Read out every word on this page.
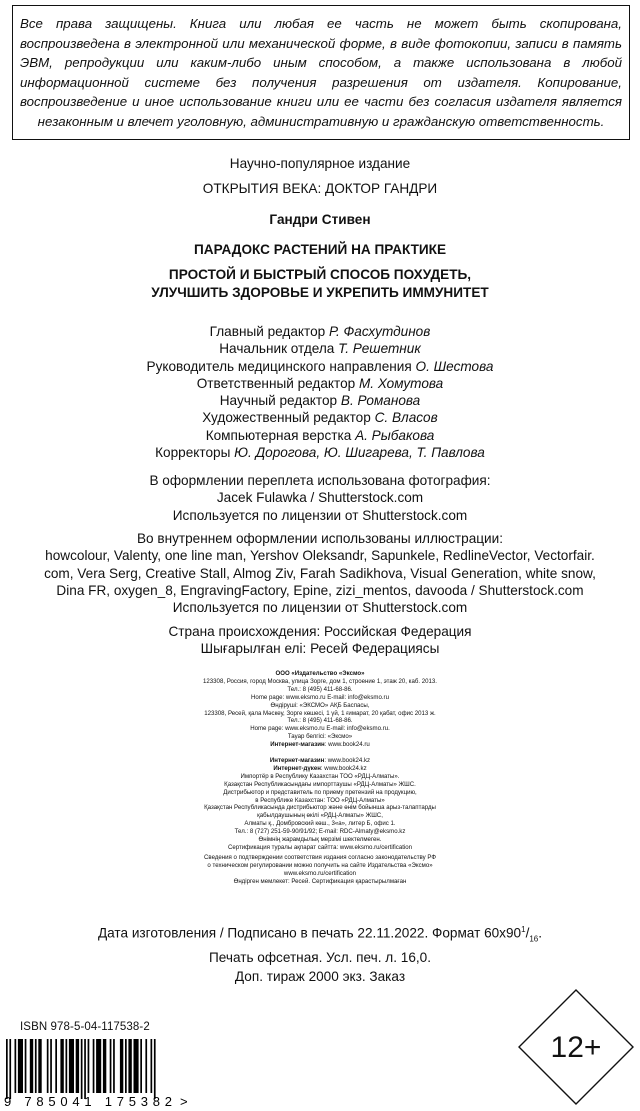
Все права защищены. Книга или любая ее часть не может быть скопирована, воспроизведена в электронной или механической форме, в виде фотокопии, записи в память ЭВМ, репродукции или каким-либо иным способом, а также использована в любой информационной системе без получения разрешения от издателя. Копирование, воспроизведение и иное использование книги или ее части без согласия издателя является незаконным и влечет уголовную, административную и гражданскую ответственность.
Научно-популярное издание
ОТКРЫТИЯ ВЕКА: ДОКТОР ГАНДРИ
Гандри Стивен
ПАРАДОКС РАСТЕНИЙ НА ПРАКТИКЕ
ПРОСТОЙ И БЫСТРЫЙ СПОСОБ ПОХУДЕТЬ,
УЛУЧШИТЬ ЗДОРОВЬЕ И УКРЕПИТЬ ИММУНИТЕТ
Главный редактор Р. Фасхутдинов
Начальник отдела Т. Решетник
Руководитель медицинского направления О. Шестова
Ответственный редактор М. Хомутова
Научный редактор В. Романова
Художественный редактор С. Власов
Компьютерная верстка А. Рыбакова
Корректоры Ю. Дорогова, Ю. Шигарева, Т. Павлова
В оформлении переплета использована фотография:
Jacek Fulawka / Shutterstock.com
Используется по лицензии от Shutterstock.com
Во внутреннем оформлении использованы иллюстрации:
howcolour, Valenty, one line man, Yershov Oleksandr, Sapunkele, RedlineVector, Vectorfair.
com, Vera Serg, Creative Stall, Almog Ziv, Farah Sadikhova, Visual Generation, white snow,
Dina FR, oxygen_8, EngravingFactory, Epine, zizi_mentos, davooda / Shutterstock.com
Используется по лицензии от Shutterstock.com
Страна происхождения: Российская Федерация
Шығарылған елі: Ресей Федерациясы
ООО «Издательство «Эксмо»
123308, Россия, город Москва, улица Зорге, дом 1, строение 1, этаж 20, каб. 2013.
Тел.: 8 (495) 411-68-86.
Home page: www.eksmo.ru E-mail: info@eksmo.ru
Өндіруші: «ЭКСМО» АҚБ Баспасы,
123308, Ресей, қала Мәскеу, Зорге көшесі, 1 үй, 1 ғимарат, 20 қабат, офис 2013 ж.
Тел.: 8 (495) 411-68-86.
Home page: www.eksmo.ru E-mail: info@eksmo.ru.
Тауар белгісі: «Эксмо»
Интернет-магазин: www.book24.ru
Интернет-магазин: www.book24.kz
Интернет-дүкен: www.book24.kz
Импортёр в Республику Казахстан ТОО «РДЦ-Алматы».
Қазақстан Республикасындағы импорттаушы «РДЦ-Алматы» ЖШС.
Дистрибьютор и представитель по приему претензий на продукцию,
в Республике Казахстан: ТОО «РДЦ-Алматы»
Қазақстан Республикасында дистрибьютор және өнім бойынша арыз-талаптарды
қабылдаушының өкілі «РДЦ-Алматы» ЖШС,
Алматы қ., Домбровский көш., 3«а», литер Б, офис 1.
Тел.: 8 (727) 251-59-90/91/92; E-mail: RDC-Almaty@eksmo.kz
Өнімнің жарамдылық мерзімі шектелмеген.
Сертификация туралы ақпарат сайтта: www.eksmo.ru/certification
Сведения о подтверждении соответствия издания согласно законодательству РФ
о техническом регулировании можно получить на сайте Издательства «Эксмо»
www.eksmo.ru/certification
Өндірген мемлекет: Ресей. Сертификация қарастырылмаған
Дата изготовления / Подписано в печать 22.11.2022. Формат $60x90^1/_{16}$.
Печать офсетная. Усл. печ. л. 16,0.
Доп. тираж 2000 экз. Заказ
ISBN 978-5-04-117538-2
9 785041 175382 >
12+
